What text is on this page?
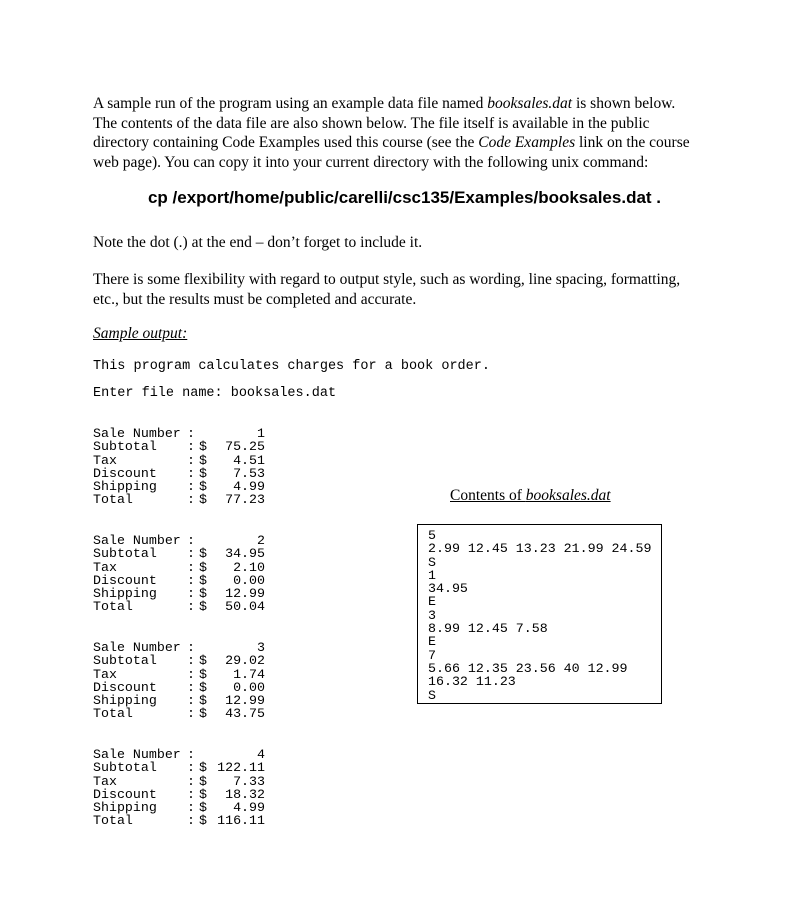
A sample run of the program using an example data file named booksales.dat is shown below.
The contents of the data file are also shown below. The file itself is available in the public
directory containing Code Examples used this course (see the Code Examples link on the course
web page). You can copy it into your current directory with the following unix command:
cp /export/home/public/carelli/csc135/Examples/booksales.dat .
Note the dot (.) at the end – don’t forget to include it.
There is some flexibility with regard to output style, such as wording, line spacing, formatting,
etc., but the results must be completed and accurate.
Sample output:
This program calculates charges for a book order.
Enter file name: booksales.dat
Sale Number :	1
Subtotal : $ 75.25
Tax	: $ 4.51
Discount : $ 7.53
Shipping : $ 4.99
Total	: $ 77.23
Sale Number :	2
Subtotal : $ 34.95
Tax	: $ 2.10
Discount : $ 0.00
Shipping : $ 12.99
Total	: $ 50.04
Sale Number :	3
Subtotal : $ 29.02
Tax	: $ 1.74
Discount : $ 0.00
Shipping : $ 12.99
Total	: $ 43.75
Sale Number :	4
Subtotal : $ 122.11
Tax	: $ 7.33
Discount : $ 18.32
Shipping : $ 4.99
Total	: $ 116.11
Contents of booksales.dat
5
2.99 12.45 13.23 21.99 24.59
S
1
34.95
E
3
8.99 12.45 7.58
E
7
5.66 12.35 23.56 40 12.99
16.32 11.23
S
